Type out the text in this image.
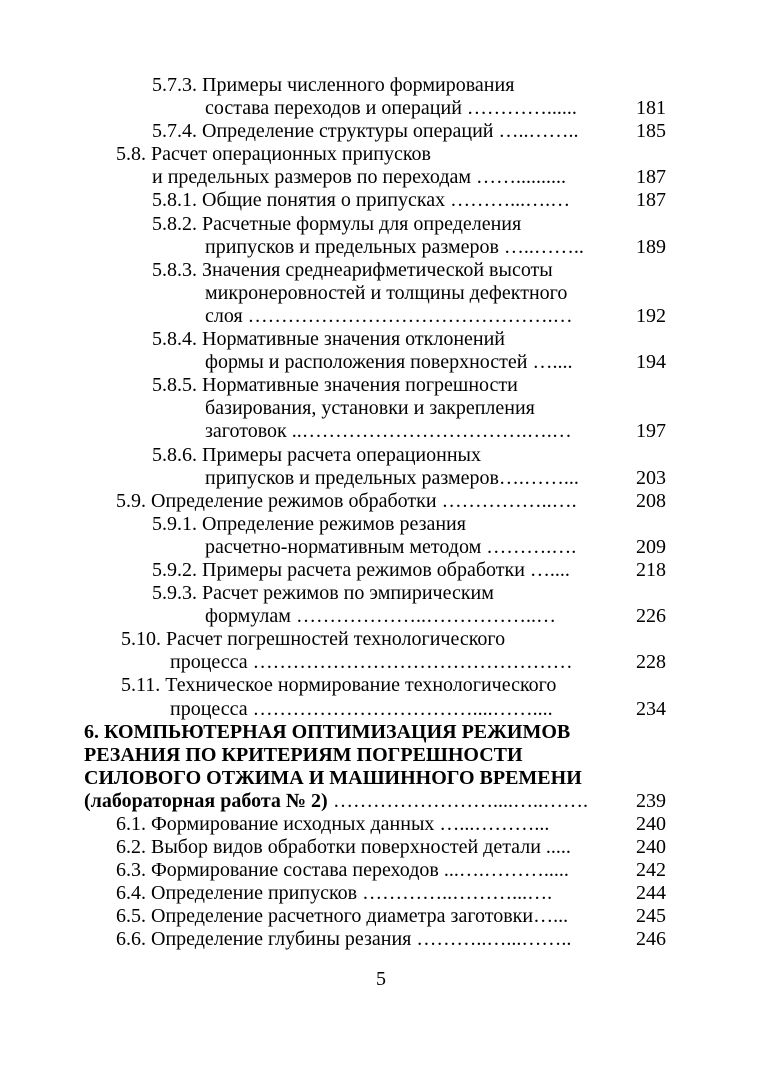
5.7.3. Примеры численного формирования
состава переходов и операций …………......	181
5.7.4. Определение структуры операций …..……..	185
5.8. Расчет операционных припусков
и предельных размеров по переходам ……..........	187
5.8.1. Общие понятия о припусках ………...….…	187
5.8.2. Расчетные формулы для определения
припусков и предельных размеров …..……..	189
5.8.3. Значения среднеарифметической высоты
микронеровностей и толщины дефектного
слоя ……………………………………….…	192
5.8.4. Нормативные значения отклонений
формы и расположения поверхностей …....	194
5.8.5. Нормативные значения погрешности
базирования, установки и закрепления
заготовок ..…………………………….….…	197
5.8.6. Примеры расчета операционных
припусков и предельных размеров….……...	203
5.9. Определение режимов обработки ……………..….	208
5.9.1. Определение режимов резания
расчетно-нормативным методом ……….….	209
5.9.2. Примеры расчета режимов обработки …....	218
5.9.3. Расчет режимов по эмпирическим
формулам ………………..……………..…	226
5.10. Расчет погрешностей технологического
процесса …………………………………………	228
5.11. Техническое нормирование технологического
процесса ……………………………....……....	234
6. КОМПЬЮТЕРНАЯ ОПТИМИЗАЦИЯ РЕЖИМОВ
РЕЗАНИЯ ПО КРИТЕРИЯМ ПОГРЕШНОСТИ
СИЛОВОГО ОТЖИМА И МАШИННОГО ВРЕМЕНИ
(лабораторная работа № 2) ……………………....…..……. 239
6.1. Формирование исходных данных …...………...	240
6.2. Выбор видов обработки поверхностей детали .....	240
6.3. Формирование состава переходов ...….……….....	242
6.4. Определение припусков …………..………...….	244
6.5. Определение расчетного диаметра заготовки…...	245
6.6. Определение глубины резания ………..…...……..	246
5
